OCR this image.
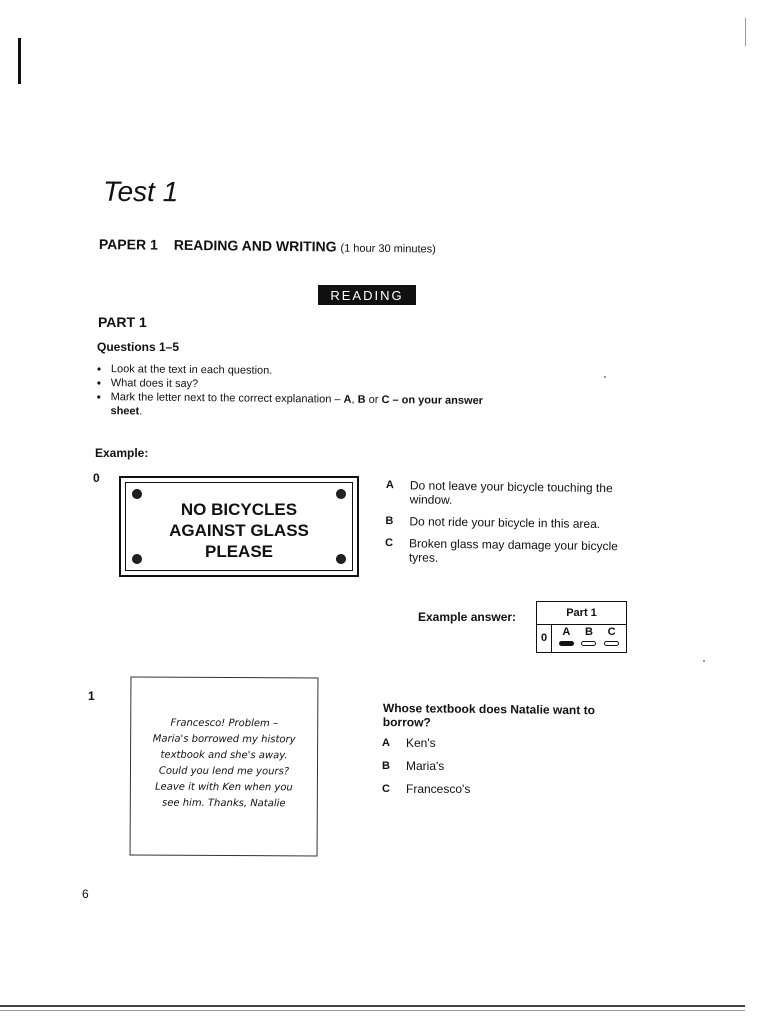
Test 1
PAPER 1 READING AND WRITING (1 hour 30 minutes)
READING
PART 1
Questions 1–5
• Look at the text in each question.
• What does it say?
• Mark the letter next to the correct explanation – A, B or C – on your answer sheet.
Example:
0
NO BICYCLES
AGAINST GLASS
PLEASE
A Do not leave your bicycle touching the window.
B Do not ride your bicycle in this area.
C Broken glass may damage your bicycle tyres.
Example answer:	Part 1
0	A B C
1
Francesco! Problem –
Maria's borrowed my history
textbook and she's away.
Could you lend me yours?
Leave it with Ken when you
see him. Thanks, Natalie
Whose textbook does Natalie want to borrow?
A Ken's
B Maria's
C Francesco's
6
